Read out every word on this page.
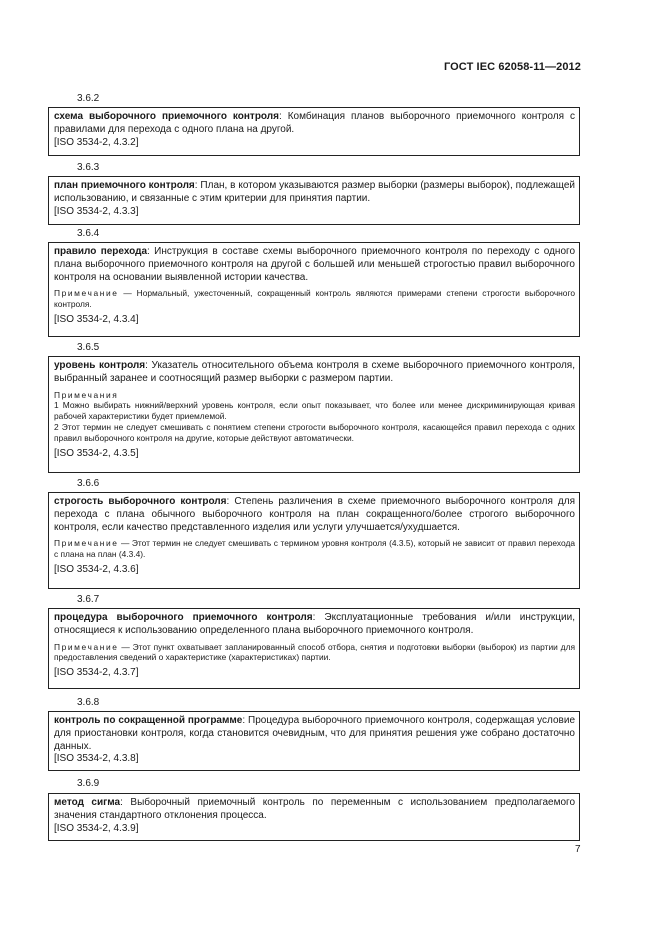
ГОСТ IEC 62058-11—2012
3.6.2

схема выборочного приемочного контроля: Комбинация планов выборочного приемочного контроля с правилами для перехода с одного плана на другой.

[ISO 3534-2, 4.3.2]

3.6.3

план приемочного контроля: План, в котором указываются размер выборки (размеры выборок), подлежащей использованию, и связанные с этим критерии для принятия партии.

[ISO 3534-2, 4.3.3]

3.6.4

правило перехода: Инструкция в составе схемы выборочного приемочного контроля по переходу с одного плана выборочного приемочного контроля на другой с большей или меньшей строгостью правил выборочного контроля на основании выявленной истории качества.

Примечание — Нормальный, ужесточенный, сокращенный контроль являются примерами степени строгости выборочного контроля.

[ISO 3534-2, 4.3.4]

3.6.5

уровень контроля: Указатель относительного объема контроля в схеме выборочного приемочного контроля, выбранный заранее и соотносящий размер выборки с размером партии.

Примечания

1 Можно выбирать нижний/верхний уровень контроля, если опыт показывает, что более или менее дискриминирующая кривая рабочей характеристики будет приемлемой.

2 Этот термин не следует смешивать с понятием степени строгости выборочного контроля, касающейся правил перехода с одних правил выборочного контроля на другие, которые действуют автоматически.

[ISO 3534-2, 4.3.5]

3.6.6

строгость выборочного контроля: Степень различения в схеме приемочного выборочного контроля для перехода с плана обычного выборочного контроля на план сокращенного/более строгого выборочного контроля, если качество представленного изделия или услуги улучшается/ухудшается.

Примечание — Этот термин не следует смешивать с термином уровня контроля (4.3.5), который не зависит от правил перехода с плана на план (4.3.4).

[ISO 3534-2, 4.3.6]

3.6.7

процедура выборочного приемочного контроля: Эксплуатационные требования и/или инструкции, относящиеся к использованию определенного плана выборочного приемочного контроля.

Примечание — Этот пункт охватывает запланированный способ отбора, снятия и подготовки выборки (выборок) из партии для предоставления сведений о характеристике (характеристиках) партии.

[ISO 3534-2, 4.3.7]

3.6.8

контроль по сокращенной программе: Процедура выборочного приемочного контроля, содержащая условие для приостановки контроля, когда становится очевидным, что для принятия решения уже собрано достаточно данных.

[ISO 3534-2, 4.3.8]

3.6.9

метод сигма: Выборочный приемочный контроль по переменным с использованием предполагаемого значения стандартного отклонения процесса.

[ISO 3534-2, 4.3.9]

7
